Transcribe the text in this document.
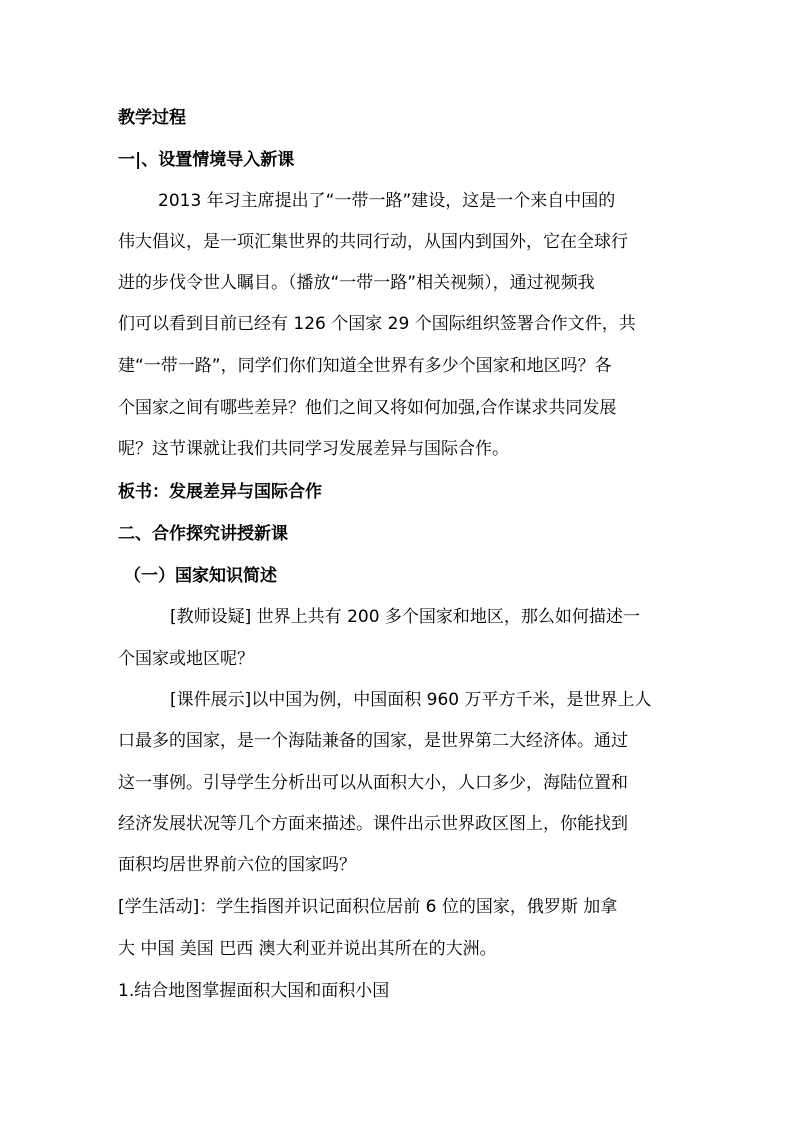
教学过程
一|、设置情境导入新课
2013 年习主席提出了“一带一路”建设，这是一个来自中国的
伟大倡议，是一项汇集世界的共同行动，从国内到国外，它在全球行
进的步伐令世人瞩目。（播放“一带一路”相关视频），通过视频我
们可以看到目前已经有 126 个国家 29 个国际组织签署合作文件，共
建“一带一路”，同学们你们知道全世界有多少个国家和地区吗？各
个国家之间有哪些差异？他们之间又将如何加强,合作谋求共同发展
呢？这节课就让我们共同学习发展差异与国际合作。
板书：发展差异与国际合作
二、合作探究讲授新课
（一）国家知识简述
[教师设疑] 世界上共有 200 多个国家和地区，那么如何描述一
个国家或地区呢？
[课件展示]以中国为例，中国面积 960 万平方千米，是世界上人
口最多的国家，是一个海陆兼备的国家，是世界第二大经济体。通过
这一事例。引导学生分析出可以从面积大小，人口多少，海陆位置和
经济发展状况等几个方面来描述。课件出示世界政区图上，你能找到
面积均居世界前六位的国家吗？
[学生活动]：学生指图并识记面积位居前 6 位的国家，俄罗斯 加拿
大 中国 美国 巴西 澳大利亚并说出其所在的大洲。
1.结合地图掌握面积大国和面积小国
